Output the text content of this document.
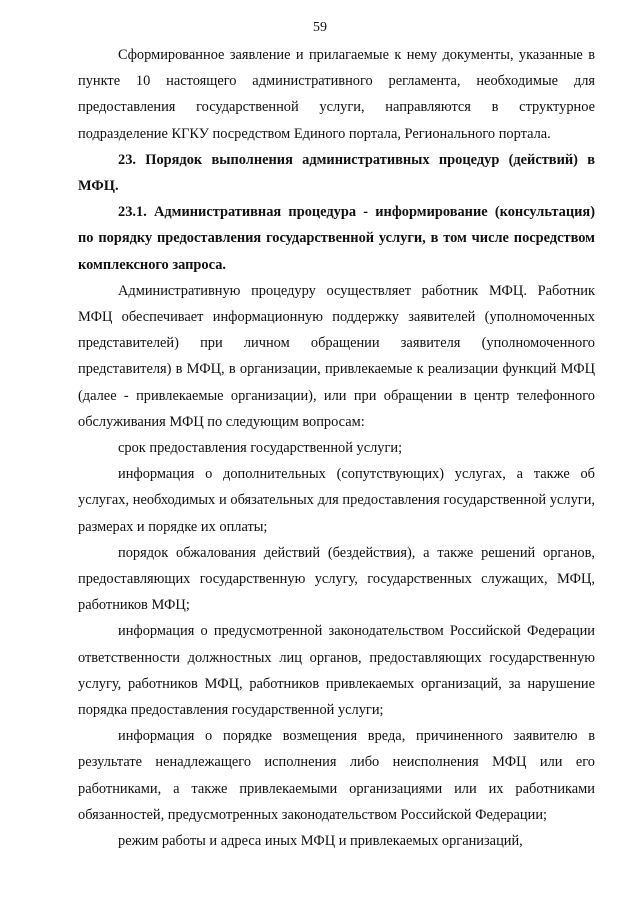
59

Сформированное заявление и прилагаемые к нему документы, указанные в пункте 10 настоящего административного регламента, необходимые для предоставления государственной услуги, направляются в структурное подразделение КГКУ посредством Единого портала, Регионального портала.

23. Порядок выполнения административных процедур (действий) в МФЦ.

23.1. Административная процедура - информирование (консультация) по порядку предоставления государственной услуги, в том числе посредством комплексного запроса.

Административную процедуру осуществляет работник МФЦ. Работник МФЦ обеспечивает информационную поддержку заявителей (уполномоченных представителей) при личном обращении заявителя (уполномоченного представителя) в МФЦ, в организации, привлекаемые к реализации функций МФЦ (далее - привлекаемые организации), или при обращении в центр телефонного обслуживания МФЦ по следующим вопросам:

срок предоставления государственной услуги;

информация о дополнительных (сопутствующих) услугах, а также об услугах, необходимых и обязательных для предоставления государственной услуги, размерах и порядке их оплаты;

порядок обжалования действий (бездействия), а также решений органов, предоставляющих государственную услугу, государственных служащих, МФЦ, работников МФЦ;

информация о предусмотренной законодательством Российской Федерации ответственности должностных лиц органов, предоставляющих государственную услугу, работников МФЦ, работников привлекаемых организаций, за нарушение порядка предоставления государственной услуги;

информация о порядке возмещения вреда, причиненного заявителю в результате ненадлежащего исполнения либо неисполнения МФЦ или его работниками, а также привлекаемыми организациями или их работниками обязанностей, предусмотренных законодательством Российской Федерации;

режим работы и адреса иных МФЦ и привлекаемых организаций,
